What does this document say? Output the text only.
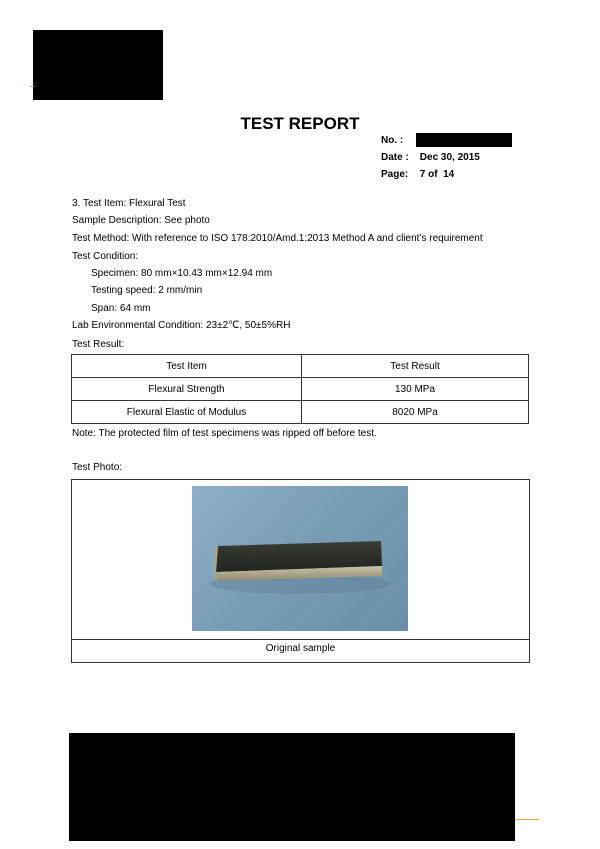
TEST REPORT
No. :
Date : Dec 30, 2015
Page: 7 of  14
3. Test Item: Flexural Test
Sample Description: See photo
Test Method: With reference to ISO 178:2010/Amd.1:2013 Method A and client’s requirement
Test Condition:
Specimen: 80 mm×10.43 mm×12.94 mm
Testing speed: 2 mm/min
Span: 64 mm
Lab Environmental Condition: 23±2℃, 50±5%RH
Test Result:
Test Item	Test Result
Flexural Strength	130 MPa
Flexural Elastic of Modulus	8020 MPa
Note: The protected film of test specimens was ripped off before test.
Test Photo:
Original sample
